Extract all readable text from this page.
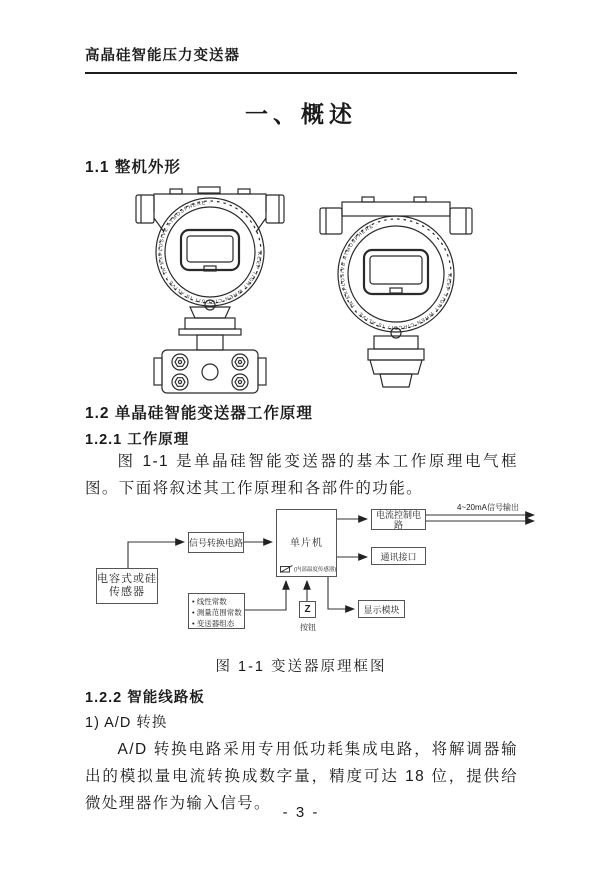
高晶硅智能压力变送器
一、概述
1.1 整机外形
KEEP TIGHT WHEN CIRCUIT IS ALIVE · IN EXPLOSIVE ATMOSPHERE ·
KEEP TIGHT WHEN CIRCUIT IS ALIVE · IN EXPLOSIVE ATMOSPHERE ·
1.2 单晶硅智能变送器工作原理
1.2.1 工作原理
图 1-1 是单晶硅智能变送器的基本工作原理电气框图。下面将叙述其工作原理和各部件的功能。
电容式或硅传感器
信号转换电路	单片机
(内部温度传感器)
电流控制电路
通讯接口
显示模块
• 线性常数
• 测量范围常数
• 变送器组态
Z
按钮
4~20mA信号输出
图 1-1 变送器原理框图
1.2.2 智能线路板
1) A/D 转换
A/D 转换电路采用专用低功耗集成电路，将解调器输出的模拟量电流转换成数字量，精度可达 18 位，提供给微处理器作为输入信号。
- 3 -
